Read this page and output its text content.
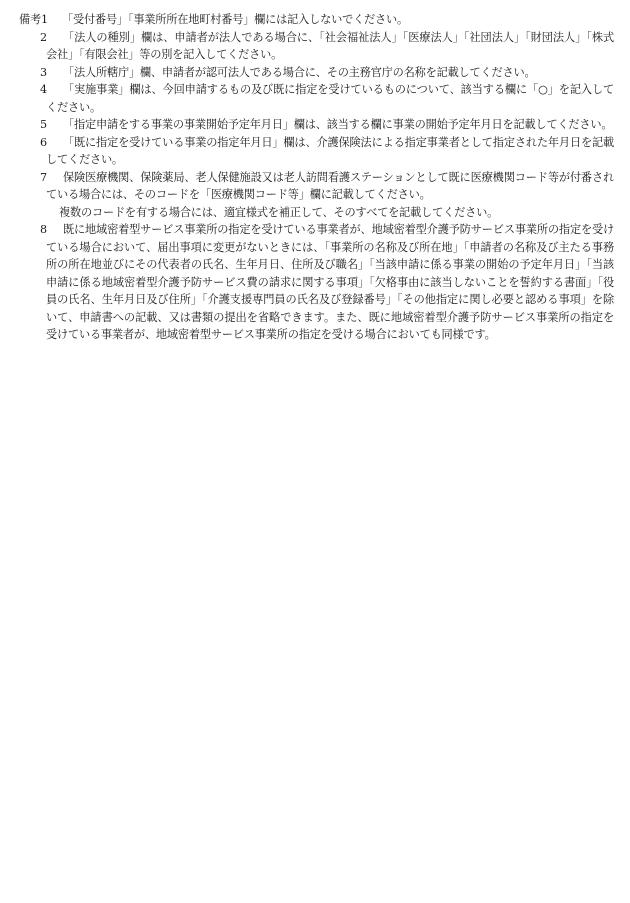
備考1	「受付番号」「事業所所在地町村番号」欄には記入しないでください。
2	「法人の種別」欄は、申請者が法人である場合に、「社会福祉法人」「医療法人」「社団法人」「財団法人」「株式会社」「有限会社」等の別を記入してください。
3	「法人所轄庁」欄、申請者が認可法人である場合に、その主務官庁の名称を記載してください。
4	「実施事業」欄は、今回申請するもの及び既に指定を受けているものについて、該当する欄に「○」を記入してください。
5	「指定申請をする事業の事業開始予定年月日」欄は、該当する欄に事業の開始予定年月日を記載してください。
6	「既に指定を受けている事業の指定年月日」欄は、介護保険法による指定事業者として指定された年月日を記載してください。
7	保険医療機関、保険薬局、老人保健施設又は老人訪問看護ステーションとして既に医療機関コード等が付番されている場合には、そのコードを「医療機関コード等」欄に記載してください。
複数のコードを有する場合には、適宜様式を補正して、そのすべてを記載してください。
8	既に地域密着型サービス事業所の指定を受けている事業者が、地域密着型介護予防サービス事業所の指定を受けている場合において、届出事項に変更がないときには、「事業所の名称及び所在地」「申請者の名称及び主たる事務所の所在地並びにその代表者の氏名、生年月日、住所及び職名」「当該申請に係る事業の開始の予定年月日」「当該申請に係る地域密着型介護予防サービス費の請求に関する事項」「欠格事由に該当しないことを誓約する書面」「役員の氏名、生年月日及び住所」「介護支援専門員の氏名及び登録番号」「その他指定に関し必要と認める事項」を除いて、申請書への記載、又は書類の提出を省略できます。また、既に地域密着型介護予防サービス事業所の指定を受けている事業者が、地域密着型サービス事業所の指定を受ける場合においても同様です。
